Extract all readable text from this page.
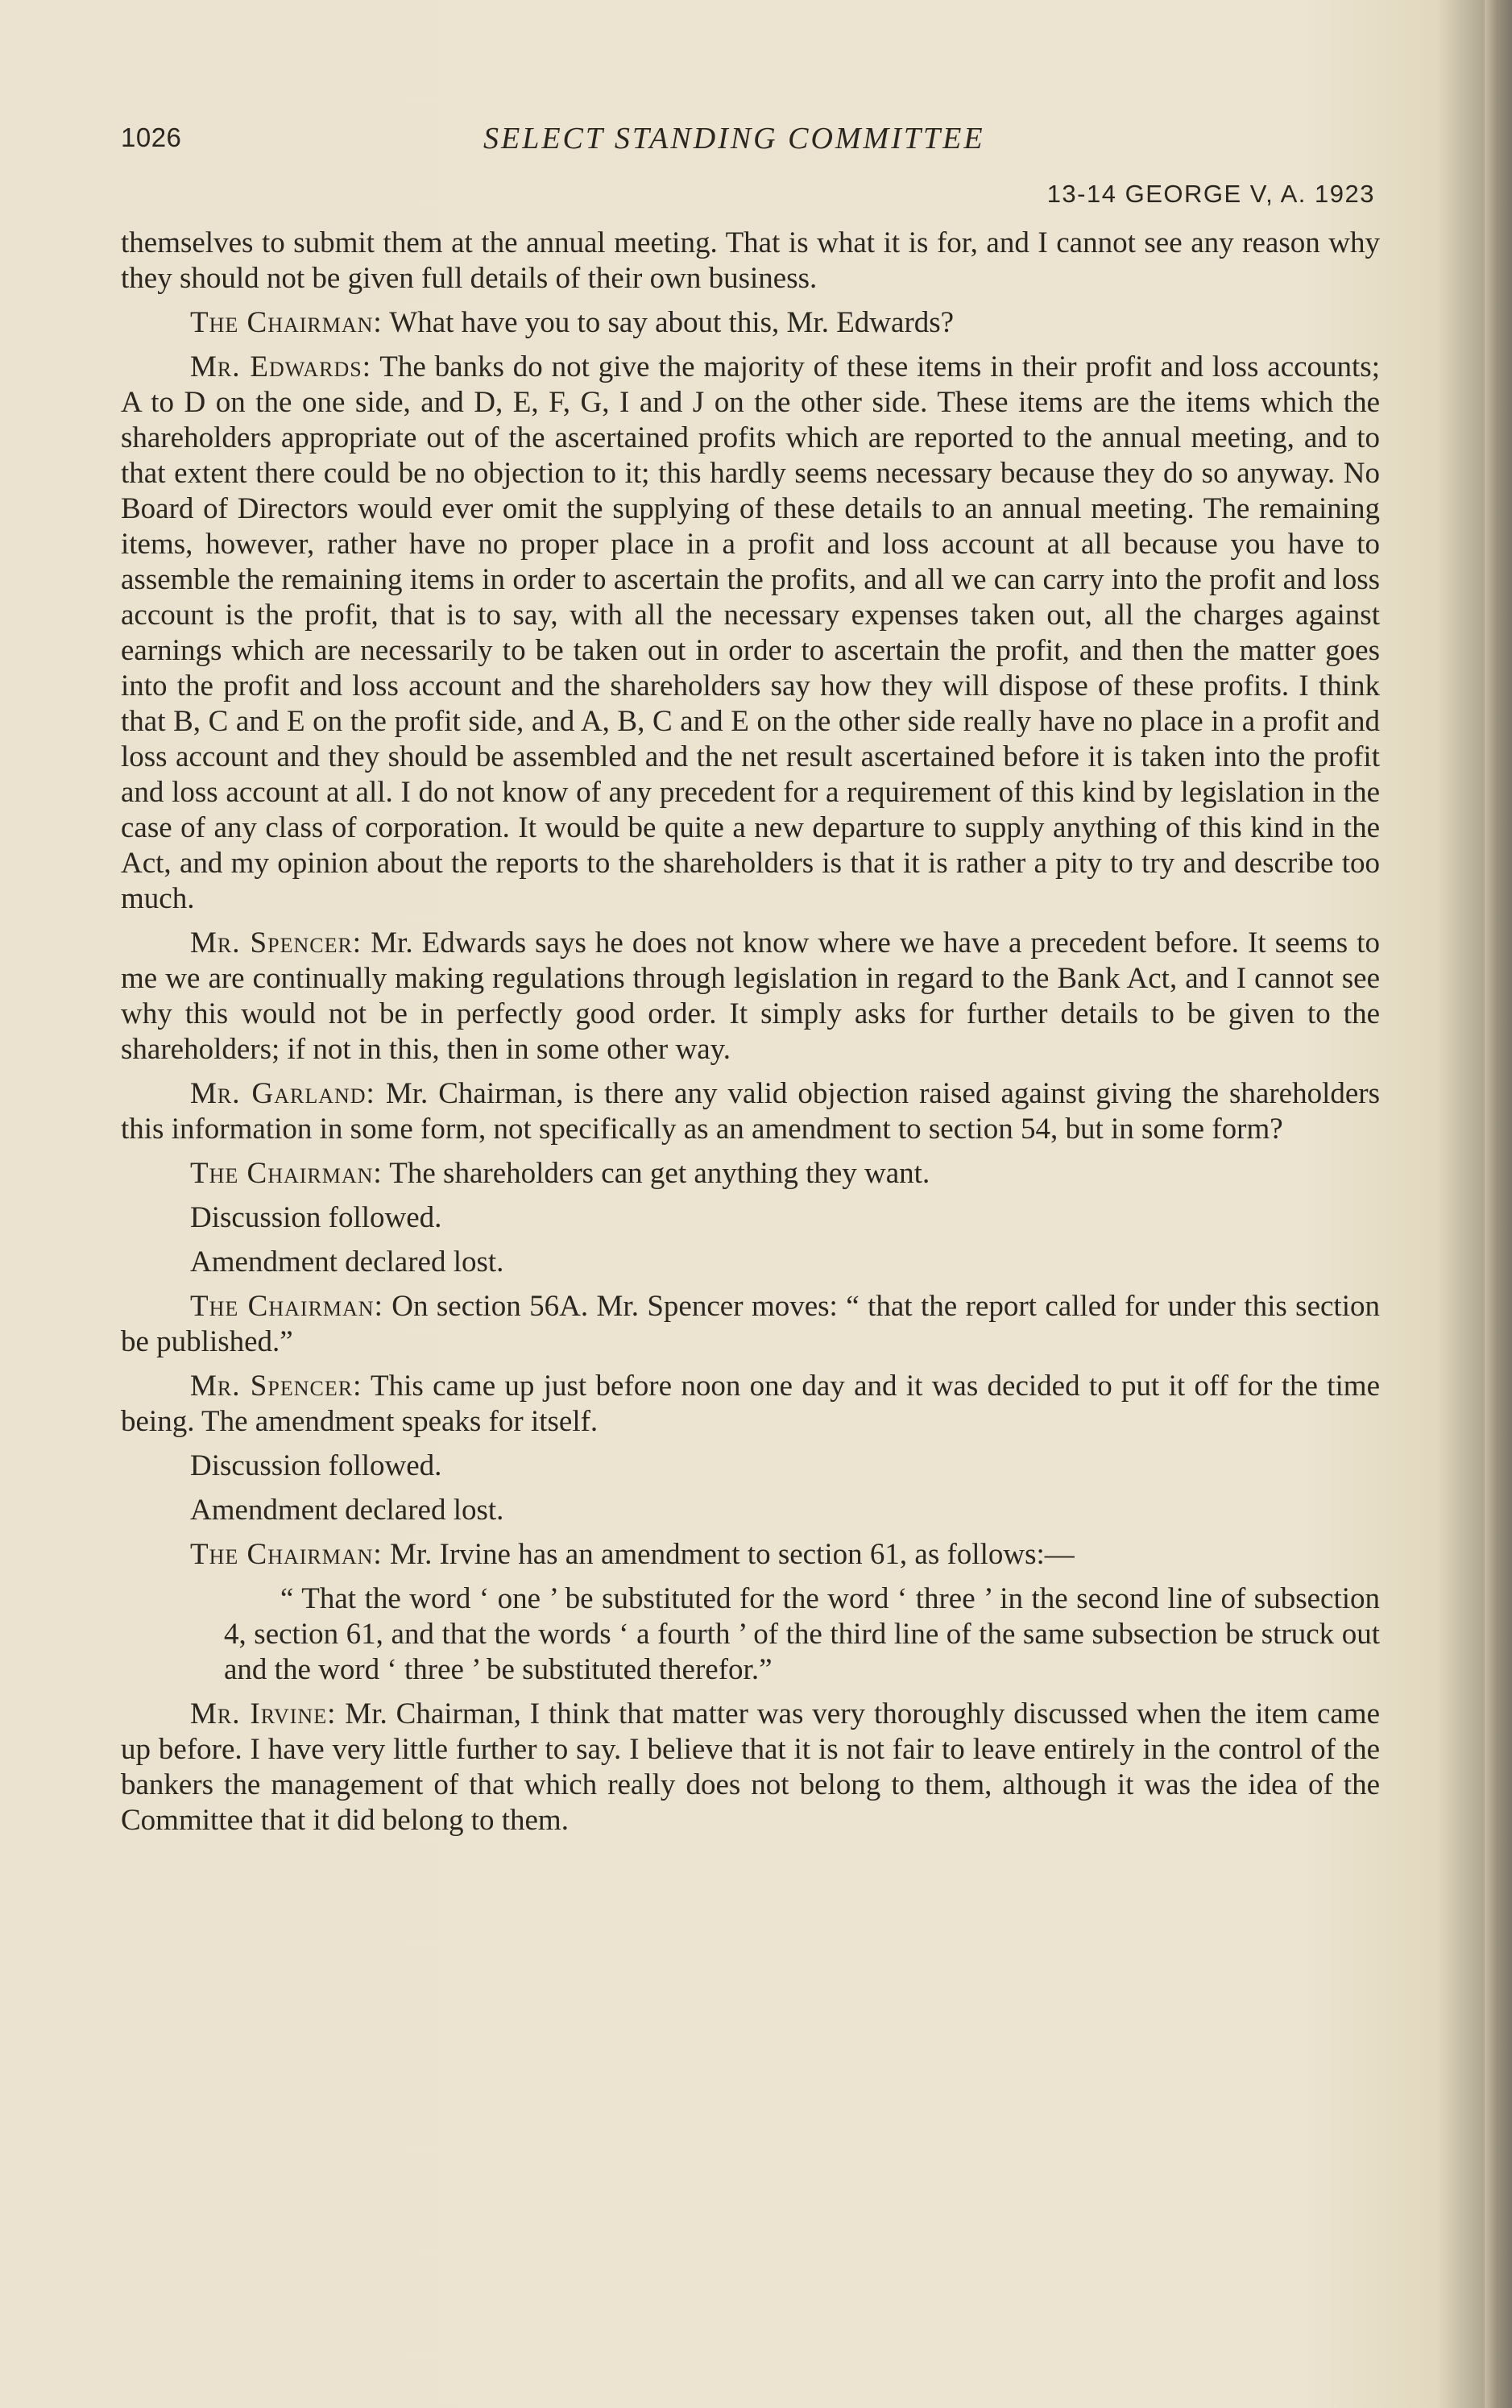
1026	SELECT STANDING COMMITTEE
13-14 GEORGE V, A. 1923

themselves to submit them at the annual meeting. That is what it is for, and I cannot see any reason why they should not be given full details of their own business.

The Chairman: What have you to say about this, Mr. Edwards?

Mr. Edwards: The banks do not give the majority of these items in their profit and loss accounts; A to D on the one side, and D, E, F, G, I and J on the other side. These items are the items which the shareholders appropriate out of the ascertained profits which are reported to the annual meeting, and to that extent there could be no objection to it; this hardly seems necessary because they do so anyway. No Board of Directors would ever omit the supplying of these details to an annual meeting. The remaining items, however, rather have no proper place in a profit and loss account at all because you have to assemble the remaining items in order to ascertain the profits, and all we can carry into the profit and loss account is the profit, that is to say, with all the necessary expenses taken out, all the charges against earnings which are necessarily to be taken out in order to ascertain the profit, and then the matter goes into the profit and loss account and the shareholders say how they will dispose of these profits. I think that B, C and E on the profit side, and A, B, C and E on the other side really have no place in a profit and loss account and they should be assembled and the net result ascertained before it is taken into the profit and loss account at all. I do not know of any precedent for a requirement of this kind by legislation in the case of any class of corporation. It would be quite a new departure to supply anything of this kind in the Act, and my opinion about the reports to the shareholders is that it is rather a pity to try and describe too much.

Mr. Spencer: Mr. Edwards says he does not know where we have a precedent before. It seems to me we are continually making regulations through legislation in regard to the Bank Act, and I cannot see why this would not be in perfectly good order. It simply asks for further details to be given to the shareholders; if not in this, then in some other way.

Mr. Garland: Mr. Chairman, is there any valid objection raised against giving the shareholders this information in some form, not specifically as an amendment to section 54, but in some form?

The Chairman: The shareholders can get anything they want.

Discussion followed.

Amendment declared lost.

The Chairman: On section 56A. Mr. Spencer moves: “ that the report called for under this section be published.”

Mr. Spencer: This came up just before noon one day and it was decided to put it off for the time being. The amendment speaks for itself.

Discussion followed.

Amendment declared lost.

The Chairman: Mr. Irvine has an amendment to section 61, as follows:—

“ That the word ‘ one ’ be substituted for the word ‘ three ’ in the second line of subsection 4, section 61, and that the words ‘ a fourth ’ of the third line of the same subsection be struck out and the word ‘ three ’ be substituted therefor.”

Mr. Irvine: Mr. Chairman, I think that matter was very thoroughly discussed when the item came up before. I have very little further to say. I believe that it is not fair to leave entirely in the control of the bankers the management of that which really does not belong to them, although it was the idea of the Committee that it did belong to them.
